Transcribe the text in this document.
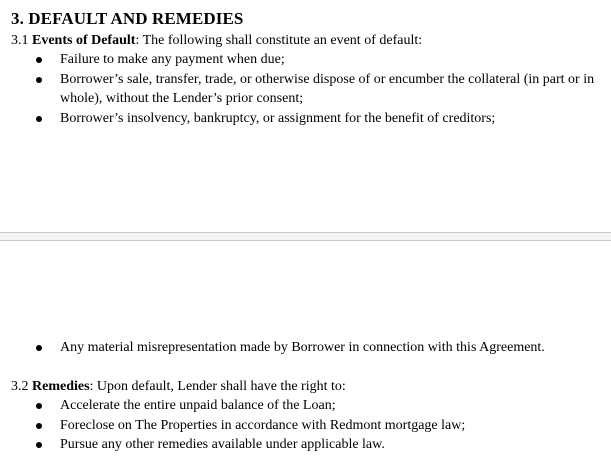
3. DEFAULT AND REMEDIES

3.1 Events of Default: The following shall constitute an event of default:

Failure to make any payment when due;
Borrower’s sale, transfer, trade, or otherwise dispose of or encumber the collateral (in part or in whole), without the Lender’s prior consent;
Borrower’s insolvency, bankruptcy, or assignment for the benefit of creditors;
Any material misrepresentation made by Borrower in connection with this Agreement.

3.2 Remedies: Upon default, Lender shall have the right to:

Accelerate the entire unpaid balance of the Loan;
Foreclose on The Properties in accordance with Redmont mortgage law;
Pursue any other remedies available under applicable law.
